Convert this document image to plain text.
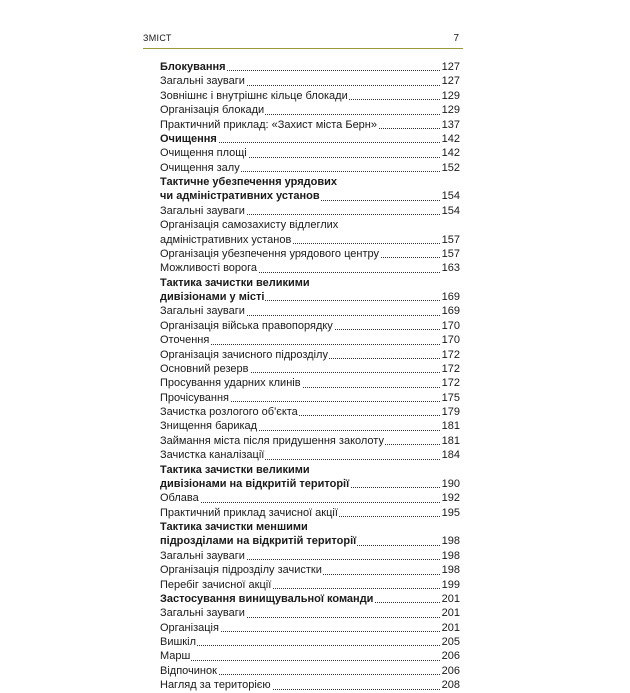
ЗМІСТ	7
Блокування	127
Загальні зауваги	127
Зовнішнє і внутрішнє кільце блокади	129
Організація блокади	129
Практичний приклад: «Захист міста Берн»	137
Очищення	142
Очищення площі	142
Очищення залу	152
Тактичне убезпечення урядових
чи адміністративних установ	154
Загальні зауваги	154
Організація самозахисту відлеглих
адміністративних установ	157
Організація убезпечення урядового центру	157
Можливості ворога	163
Тактика зачистки великими
дивізіонами у місті	169
Загальні зауваги	169
Організація війська правопорядку	170
Оточення	170
Організація зачисного підрозділу	172
Основний резерв	172
Просування ударних клинів	172
Прочісування	175
Зачистка розлогого об'єкта	179
Знищення барикад	181
Займання міста після придушення заколоту	181
Зачистка каналізації	184
Тактика зачистки великими
дивізіонами на відкритій території	190
Облава	192
Практичний приклад зачисної акції	195
Тактика зачистки меншими
підрозділами на відкритій території	198
Загальні зауваги	198
Організація підрозділу зачистки	198
Перебіг зачисної акції	199
Застосування винищувальної команди	201
Загальні зауваги	201
Організація	201
Вишкіл	205
Марш	206
Відпочинок	206
Нагляд за територією	208
